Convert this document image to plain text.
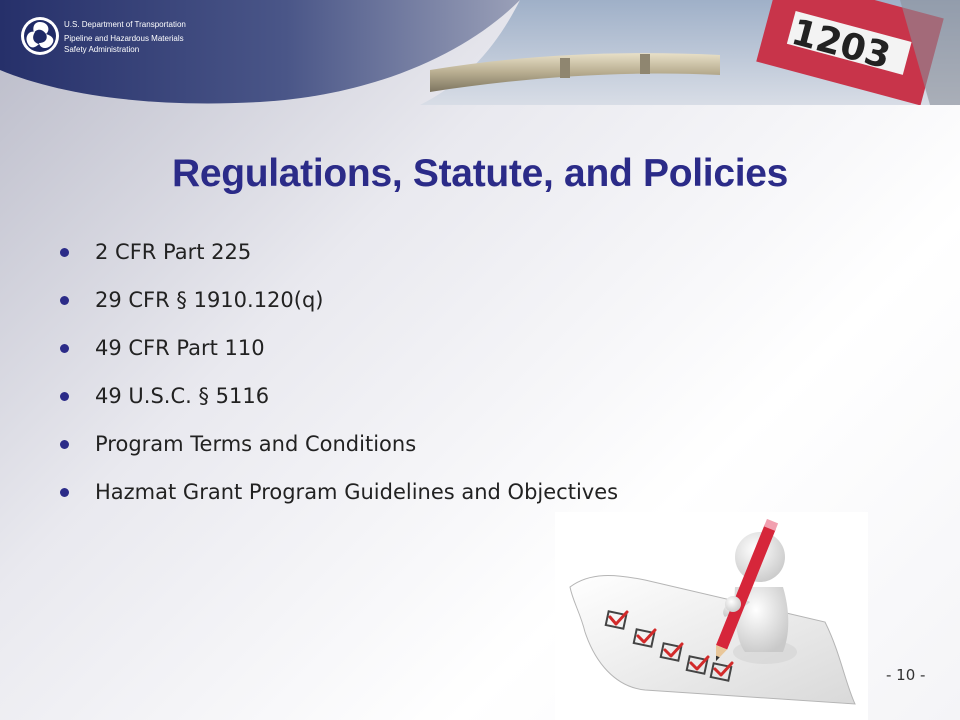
1203
U.S. Department of Transportation
Pipeline and Hazardous Materials
Safety Administration
Regulations, Statute, and Policies
2 CFR Part 225
29 CFR § 1910.120(q)
49 CFR Part 110
49 U.S.C. § 5116
Program Terms and Conditions
Hazmat Grant Program Guidelines and Objectives
- 10 -
